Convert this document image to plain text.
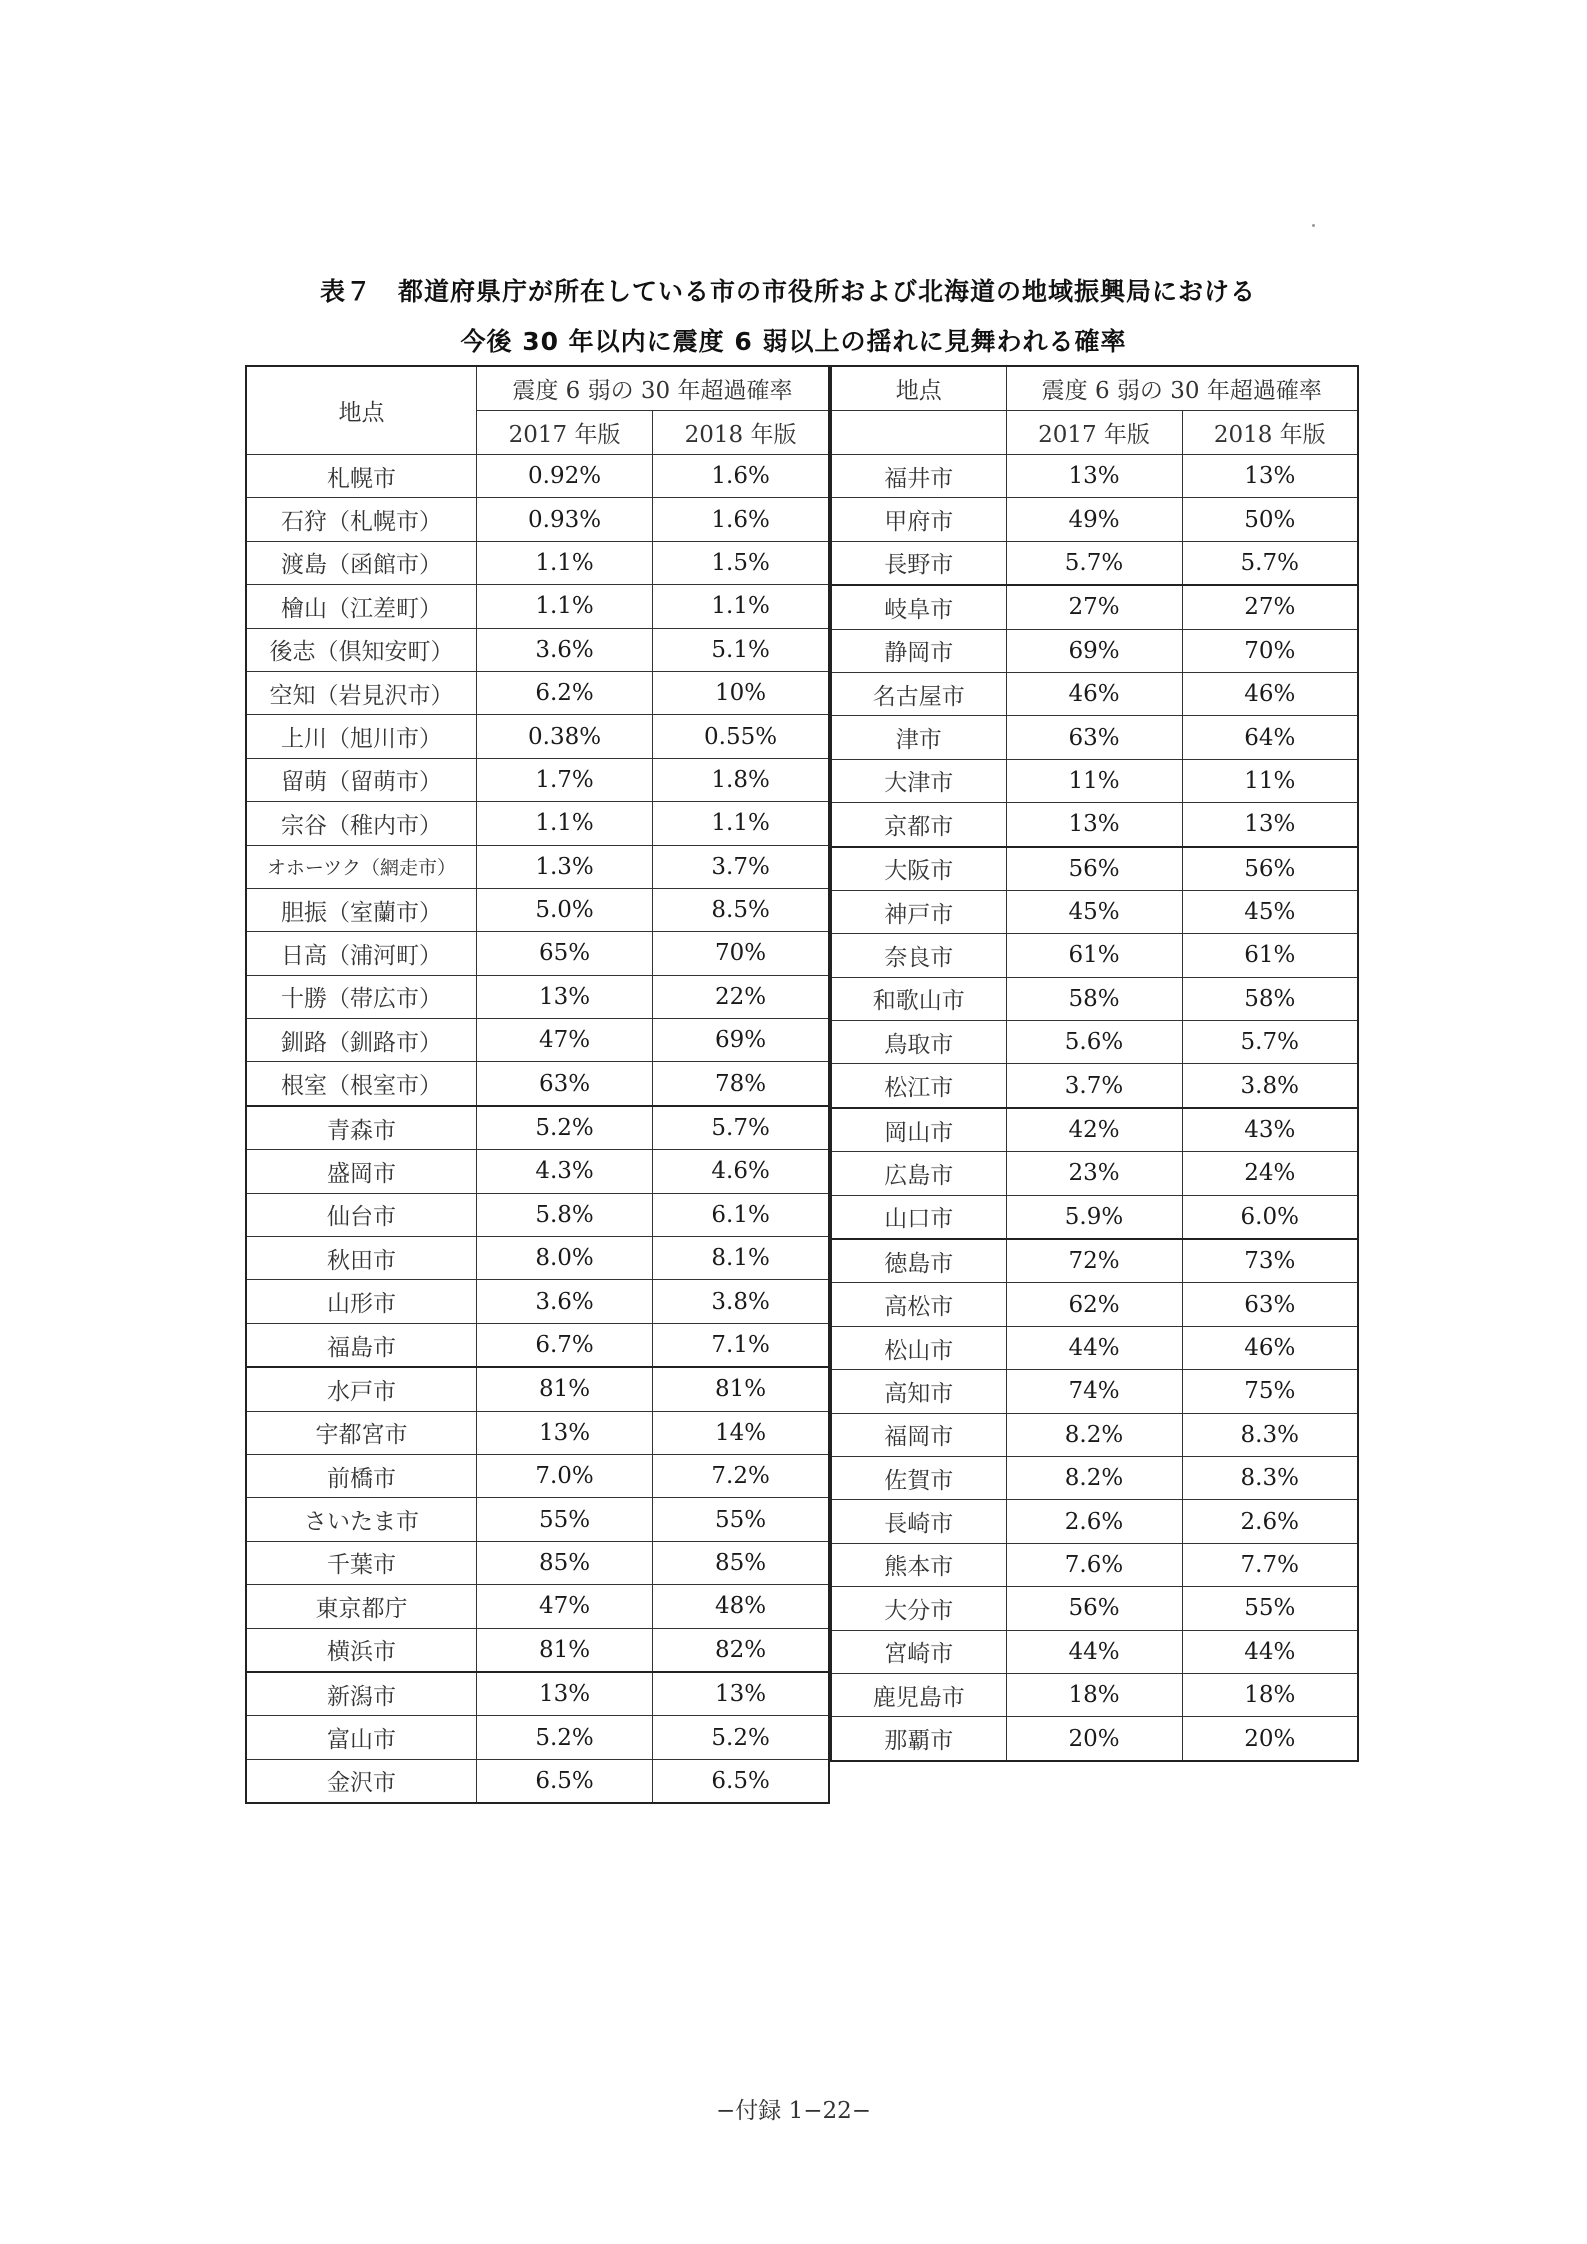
表７　都道府県庁が所在している市の市役所および北海道の地域振興局における
今後 30 年以内に震度 6 弱以上の揺れに見舞われる確率
地点	震度 6 弱の 30 年超過確率	
	2017 年版	2018 年版
札幌市	0.92%	1.6%
石狩（札幌市）	0.93%	1.6%
渡島（函館市）	1.1%	1.5%
檜山（江差町）	1.1%	1.1%
後志（倶知安町）	3.6%	5.1%
空知（岩見沢市）	6.2%	10%
上川（旭川市）	0.38%	0.55%
留萌（留萌市）	1.7%	1.8%
宗谷（稚内市）	1.1%	1.1%
オホーツク（網走市）	1.3%	3.7%
胆振（室蘭市）	5.0%	8.5%
日高（浦河町）	65%	70%
十勝（帯広市）	13%	22%
釧路（釧路市）	47%	69%
根室（根室市）	63%	78%
青森市	5.2%	5.7%
盛岡市	4.3%	4.6%
仙台市	5.8%	6.1%
秋田市	8.0%	8.1%
山形市	3.6%	3.8%
福島市	6.7%	7.1%
水戸市	81%	81%
宇都宮市	13%	14%
前橋市	7.0%	7.2%
さいたま市	55%	55%
千葉市	85%	85%
東京都庁	47%	48%
横浜市	81%	82%
新潟市	13%	13%
富山市	5.2%	5.2%
金沢市	6.5%	6.5%
地点	震度 6 弱の 30 年超過確率	
	2017 年版	2018 年版
福井市	13%	13%
甲府市	49%	50%
長野市	5.7%	5.7%
岐阜市	27%	27%
静岡市	69%	70%
名古屋市	46%	46%
津市	63%	64%
大津市	11%	11%
京都市	13%	13%
大阪市	56%	56%
神戸市	45%	45%
奈良市	61%	61%
和歌山市	58%	58%
鳥取市	5.6%	5.7%
松江市	3.7%	3.8%
岡山市	42%	43%
広島市	23%	24%
山口市	5.9%	6.0%
徳島市	72%	73%
高松市	62%	63%
松山市	44%	46%
高知市	74%	75%
福岡市	8.2%	8.3%
佐賀市	8.2%	8.3%
長崎市	2.6%	2.6%
熊本市	7.6%	7.7%
大分市	56%	55%
宮崎市	44%	44%
鹿児島市	18%	18%
那覇市	20%	20%
−付録 1−22−
